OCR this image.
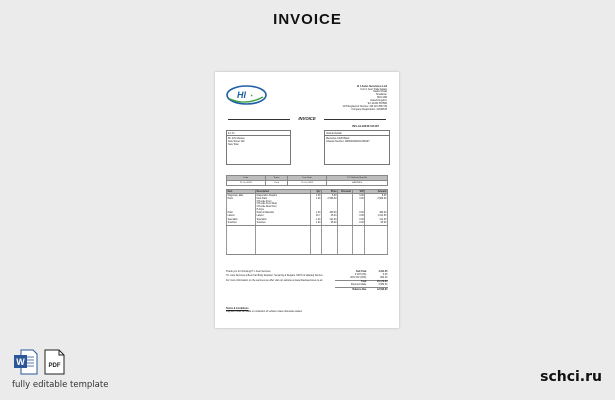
INVOICE
HI ✦
H I Auto Services Ltd
Unit 3, Auto Trade Estate
Station Road
Smalltown
SM1 2AB
United Kingdom
Tel: 01234 567890
VAT Registered Number: GB 123 4567 89
Company Registration: 12345678
INVOICE
INV-AL12345-VO137
Inv To
Mr John Davies
New Street 123
New Town
Vehicle Details
Mercedes C220 Black
Chassis Number: WDD2040022A156227
Date	Terms	Due Date	P.O./Vehicle Reg No
21 Oct 2022	Cash	21 Oct 2022	SA22BKG
Item	Description	Qty	Price	Discount	VAT	Amount
Diagnosis, Elite	Diagnostics Repairs	1.00	8.00		0.00	8.00
Parts	New Parts
O/S side Front
O/S side Front Rear
O/S side Rear Door
Pumps	1.00	2,566.00		0.00	2,566.00
Paint	Paint & Materials	1.00	480.00		0.00	480.00
Labour	Labour	16.7	45.00		0.00	1,011.50
Specialist	Specialist	1.00	121.00		0.00	121.00
Sundries	Sundries	1.00	65.00		0.00	65.00

Thank you for choosing H.I. Auto Services

H.I. Auto Services a Best Car Body Repairer, Servicing & Repairs, MOTs & Valeting Service

For more information on the services we offer visit our website at www.hiautoservices.co.uk

Sub Total	4,311.50
0 VAT (0%)	0.00
20% VAT (20%)	862.30
Total	£5,173.80
Payment Made	2,580.00
Balance Due	£2,593.80
Terms & Conditions
Payment must be made on collection of vehicle unless otherwise stated.
W	PDF
fully editable template	schci.ru
